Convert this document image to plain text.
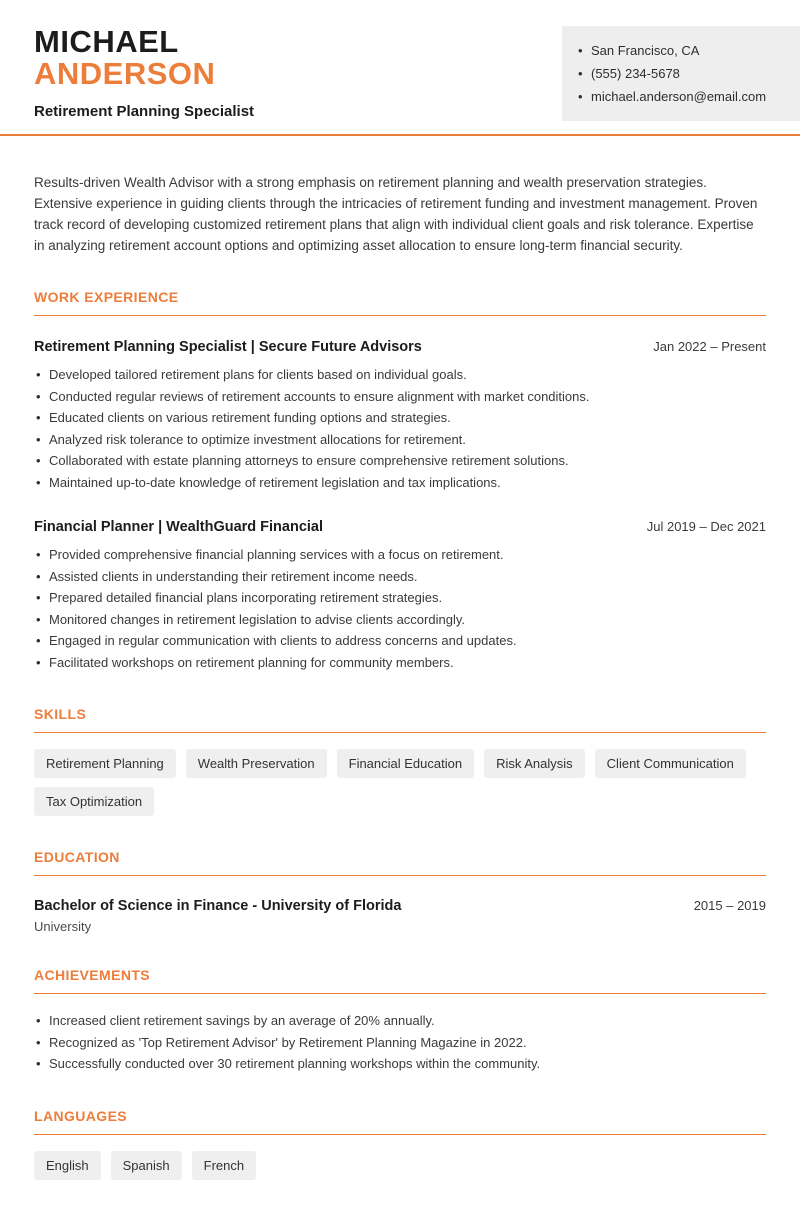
MICHAEL
ANDERSON
Retirement Planning Specialist
• San Francisco, CA
• (555) 234-5678
• michael.anderson@email.com

Results-driven Wealth Advisor with a strong emphasis on retirement planning and wealth preservation strategies. Extensive experience in guiding clients through the intricacies of retirement funding and investment management. Proven track record of developing customized retirement plans that align with individual client goals and risk tolerance. Expertise in analyzing retirement account options and optimizing asset allocation to ensure long-term financial security.

WORK EXPERIENCE
Retirement Planning Specialist | Secure Future Advisors	Jan 2022 – Present
• Developed tailored retirement plans for clients based on individual goals.
• Conducted regular reviews of retirement accounts to ensure alignment with market conditions.
• Educated clients on various retirement funding options and strategies.
• Analyzed risk tolerance to optimize investment allocations for retirement.
• Collaborated with estate planning attorneys to ensure comprehensive retirement solutions.
• Maintained up-to-date knowledge of retirement legislation and tax implications.
Financial Planner | WealthGuard Financial	Jul 2019 – Dec 2021
• Provided comprehensive financial planning services with a focus on retirement.
• Assisted clients in understanding their retirement income needs.
• Prepared detailed financial plans incorporating retirement strategies.
• Monitored changes in retirement legislation to advise clients accordingly.
• Engaged in regular communication with clients to address concerns and updates.
• Facilitated workshops on retirement planning for community members.
SKILLS
Retirement Planning	Wealth Preservation	Financial Education	Risk Analysis	Client Communication
Tax Optimization
EDUCATION
Bachelor of Science in Finance - University of Florida	2015 – 2019
University
ACHIEVEMENTS
• Increased client retirement savings by an average of 20% annually.
• Recognized as 'Top Retirement Advisor' by Retirement Planning Magazine in 2022.
• Successfully conducted over 30 retirement planning workshops within the community.
LANGUAGES
English	Spanish	French
